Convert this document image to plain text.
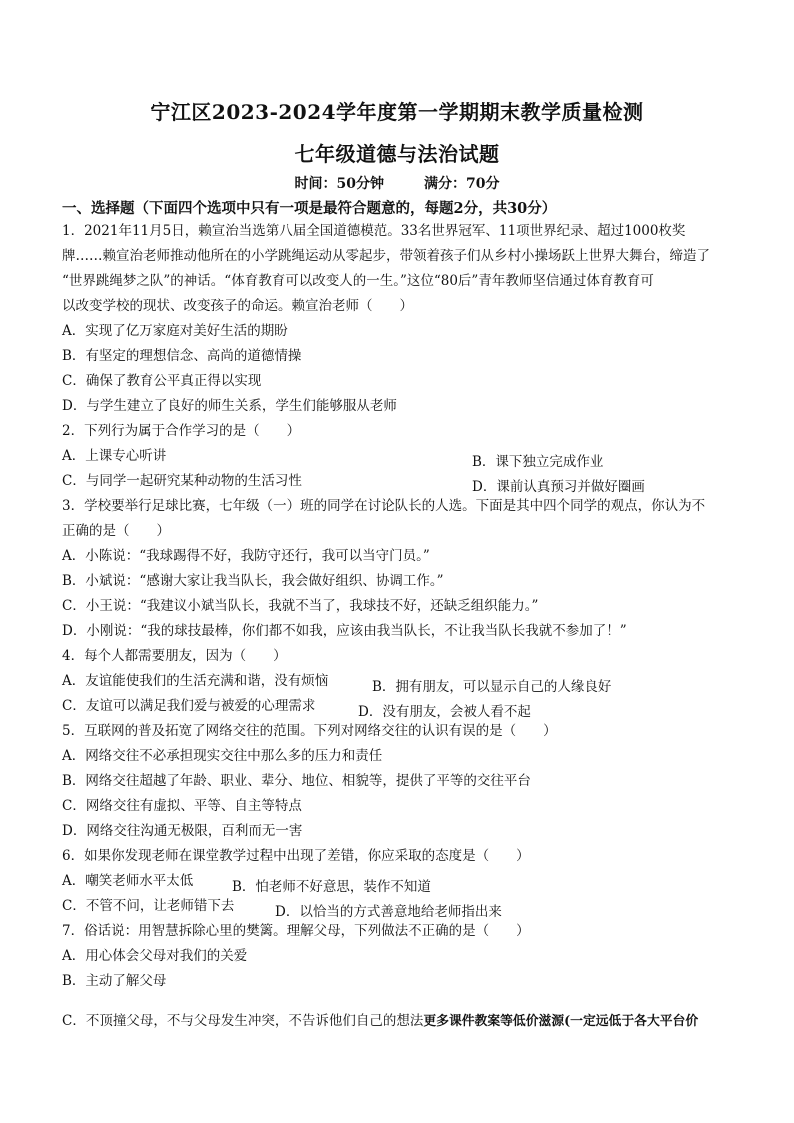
宁江区2023-2024学年度第一学期期末教学质量检测
七年级道德与法治试题
时间：50分钟	满分：70分
一、选择题（下面四个选项中只有一项是最符合题意的，每题2分，共30分）
1．2021年11月5日，赖宣治当选第八届全国道德模范。33名世界冠军、11项世界纪录、超过1000枚奖
牌……赖宣治老师推动他所在的小学跳绳运动从零起步，带领着孩子们从乡村小操场跃上世界大舞台，缔造了
“世界跳绳梦之队”的神话。“体育教育可以改变人的一生。”这位“80后”青年教师坚信通过体育教育可
以改变学校的现状、改变孩子的命运。赖宣治老师（　　）
A．实现了亿万家庭对美好生活的期盼
B．有坚定的理想信念、高尚的道德情操
C．确保了教育公平真正得以实现
D．与学生建立了良好的师生关系，学生们能够服从老师
2．下列行为属于合作学习的是（　　）
A．上课专心听讲	B．课下独立完成作业
C．与同学一起研究某种动物的生活习性	D．课前认真预习并做好圈画
3．学校要举行足球比赛，七年级（一）班的同学在讨论队长的人选。下面是其中四个同学的观点，你认为不
正确的是（　　）
A．小陈说：“我球踢得不好，我防守还行，我可以当守门员。”
B．小斌说：“感谢大家让我当队长，我会做好组织、协调工作。”
C．小王说：“我建议小斌当队长，我就不当了，我球技不好，还缺乏组织能力。”
D．小刚说：“我的球技最棒，你们都不如我，应该由我当队长，不让我当队长我就不参加了！”
4．每个人都需要朋友，因为（　　）
A．友谊能使我们的生活充满和谐，没有烦恼	B．拥有朋友，可以显示自己的人缘良好
C．友谊可以满足我们爱与被爱的心理需求	D．没有朋友，会被人看不起
5．互联网的普及拓宽了网络交往的范围。下列对网络交往的认识有误的是（　　）
A．网络交往不必承担现实交往中那么多的压力和责任
B．网络交往超越了年龄、职业、辈分、地位、相貌等，提供了平等的交往平台
C．网络交往有虚拟、平等、自主等特点
D．网络交往沟通无极限，百利而无一害
6．如果你发现老师在课堂教学过程中出现了差错，你应采取的态度是（　　）
A．嘲笑老师水平太低	B．怕老师不好意思，装作不知道
C．不管不问，让老师错下去	D．以恰当的方式善意地给老师指出来
7．俗话说：用智慧拆除心里的樊篱。理解父母，下列做法不正确的是（　　）
A．用心体会父母对我们的关爱
B．主动了解父母
C．不顶撞父母，不与父母发生冲突，不告诉他们自己的想法更多课件教案等低价滋源(一定远低于各大平台价
